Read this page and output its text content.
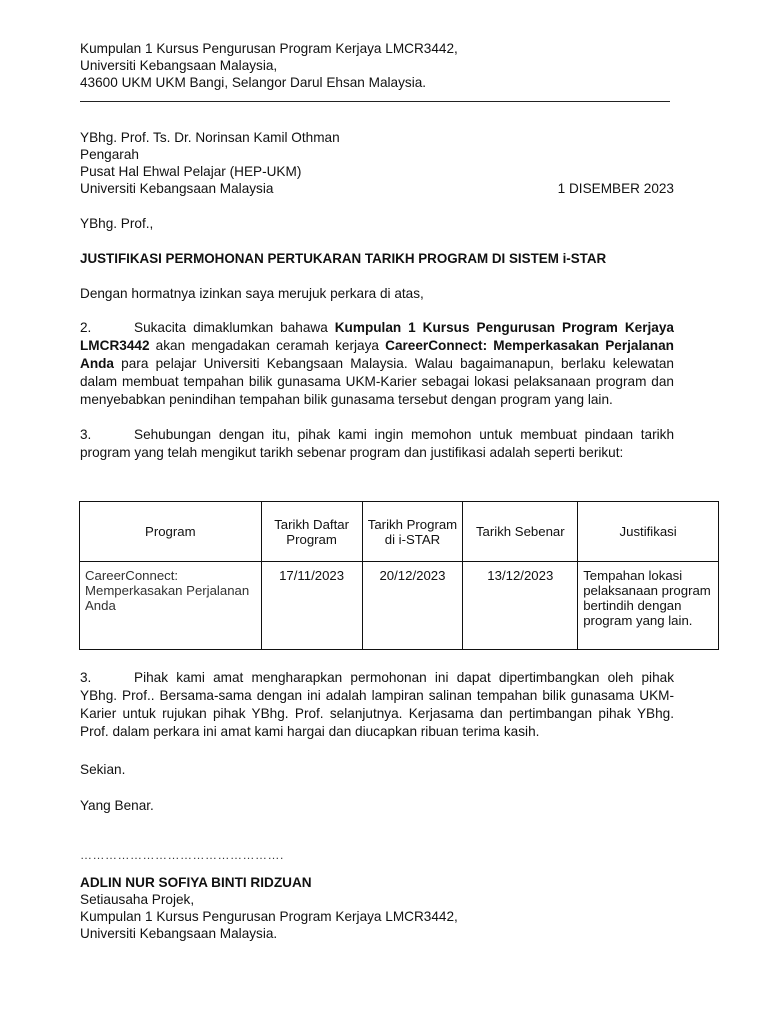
Kumpulan 1 Kursus Pengurusan Program Kerjaya LMCR3442,
Universiti Kebangsaan Malaysia,
43600 UKM UKM Bangi, Selangor Darul Ehsan Malaysia.
YBhg. Prof. Ts. Dr. Norinsan Kamil Othman
Pengarah
Pusat Hal Ehwal Pelajar (HEP-UKM)
Universiti Kebangsaan Malaysia	1 DISEMBER 2023
YBhg. Prof.,
JUSTIFIKASI PERMOHONAN PERTUKARAN TARIKH PROGRAM DI SISTEM i-STAR
Dengan hormatnya izinkan saya merujuk perkara di atas,
2.	Sukacita dimaklumkan bahawa Kumpulan 1 Kursus Pengurusan Program Kerjaya LMCR3442 akan mengadakan ceramah kerjaya CareerConnect: Memperkasakan Perjalanan Anda para pelajar Universiti Kebangsaan Malaysia. Walau bagaimanapun, berlaku kelewatan dalam membuat tempahan bilik gunasama UKM-Karier sebagai lokasi pelaksanaan program dan menyebabkan penindihan tempahan bilik gunasama tersebut dengan program yang lain.
3.	Sehubungan dengan itu, pihak kami ingin memohon untuk membuat pindaan tarikh program yang telah mengikut tarikh sebenar program dan justifikasi adalah seperti berikut:
Program	Tarikh Daftar Program	Tarikh Program di i-STAR	Tarikh Sebenar	Justifikasi
CareerConnect: Memperkasakan Perjalanan Anda	17/11/2023	20/12/2023	13/12/2023	Tempahan lokasi pelaksanaan program bertindih dengan program yang lain.
3.	Pihak kami amat mengharapkan permohonan ini dapat dipertimbangkan oleh pihak YBhg. Prof.. Bersama-sama dengan ini adalah lampiran salinan tempahan bilik gunasama UKM-Karier untuk rujukan pihak YBhg. Prof. selanjutnya. Kerjasama dan pertimbangan pihak YBhg. Prof. dalam perkara ini amat kami hargai dan diucapkan ribuan terima kasih.
Sekian.
Yang Benar.
………………………………………….
ADLIN NUR SOFIYA BINTI RIDZUAN
Setiausaha Projek,
Kumpulan 1 Kursus Pengurusan Program Kerjaya LMCR3442,
Universiti Kebangsaan Malaysia.
